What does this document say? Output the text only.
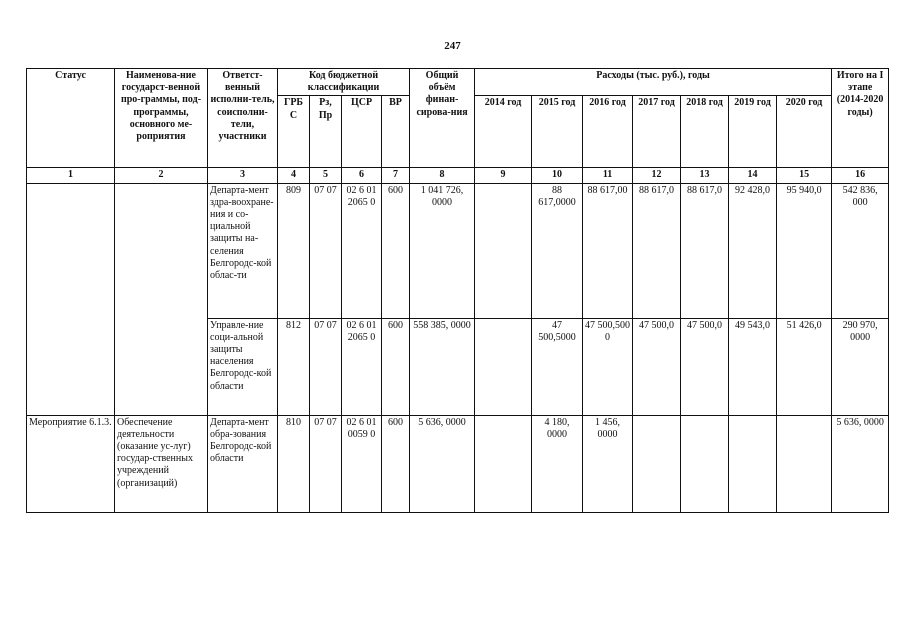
247
Статус	Наименова-ние государст-венной про-граммы, под-программы, основного ме-роприятия	Ответст-венный исполни-тель, соисполни-тели, участники	Код бюджетной классификации				Общий объём финан-сирова-ния	Расходы (тыс. руб.), годы							Итого на I этапе (2014-2020 годы)
			ГРБ С	Рз, Пр	ЦСР	ВР		2014 год	2015 год	2016 год	2017 год	2018 год	2019 год	2020 год	
1	2	3	4	5	6	7	8	9	10	11	12	13	14	15	16
		Департа-мент здра-воохране-ния и со-циальной защиты на-селения Белгородс-кой облас-ти	809	07 07	02 6 01 2065 0	600	1 041 726, 0000		88 617,0000	88 617,00	88 617,0	88 617,0	92 428,0	95 940,0	542 836, 000
		Управле-ние соци-альной защиты населения Белгородс-кой области	812	07 07	02 6 01 2065 0	600	558 385, 0000		47 500,5000	47 500,500 0	47 500,0	47 500,0	49 543,0	51 426,0	290 970, 0000
Мероприятие 6.1.3.	Обеспечение деятельности (оказание ус-луг) государ-ственных учреждений (организаций)	Департа-мент обра-зования Белгородс-кой области	810	07 07	02 6 01 0059 0	600	5 636, 0000		4 180, 0000	1 456, 0000					5 636, 0000
